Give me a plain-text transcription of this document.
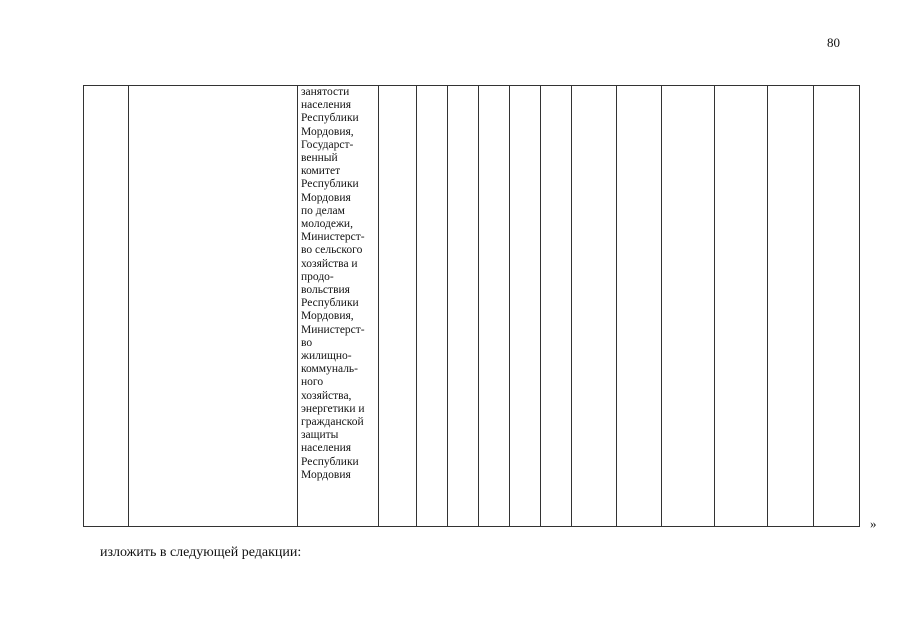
80

занятости
населения
Республики
Мордовия,
Государст-
венный
комитет
Республики
Мордовия
по делам
молодежи,
Министерст-
во сельского
хозяйства и
продо-
вольствия
Республики
Мордовия,
Министерст-
во
жилищно-
коммуналь-
ного
хозяйства,
энергетики и
гражданской
защиты
населения
Республики
Мордовия

»
изложить в следующей редакции:
